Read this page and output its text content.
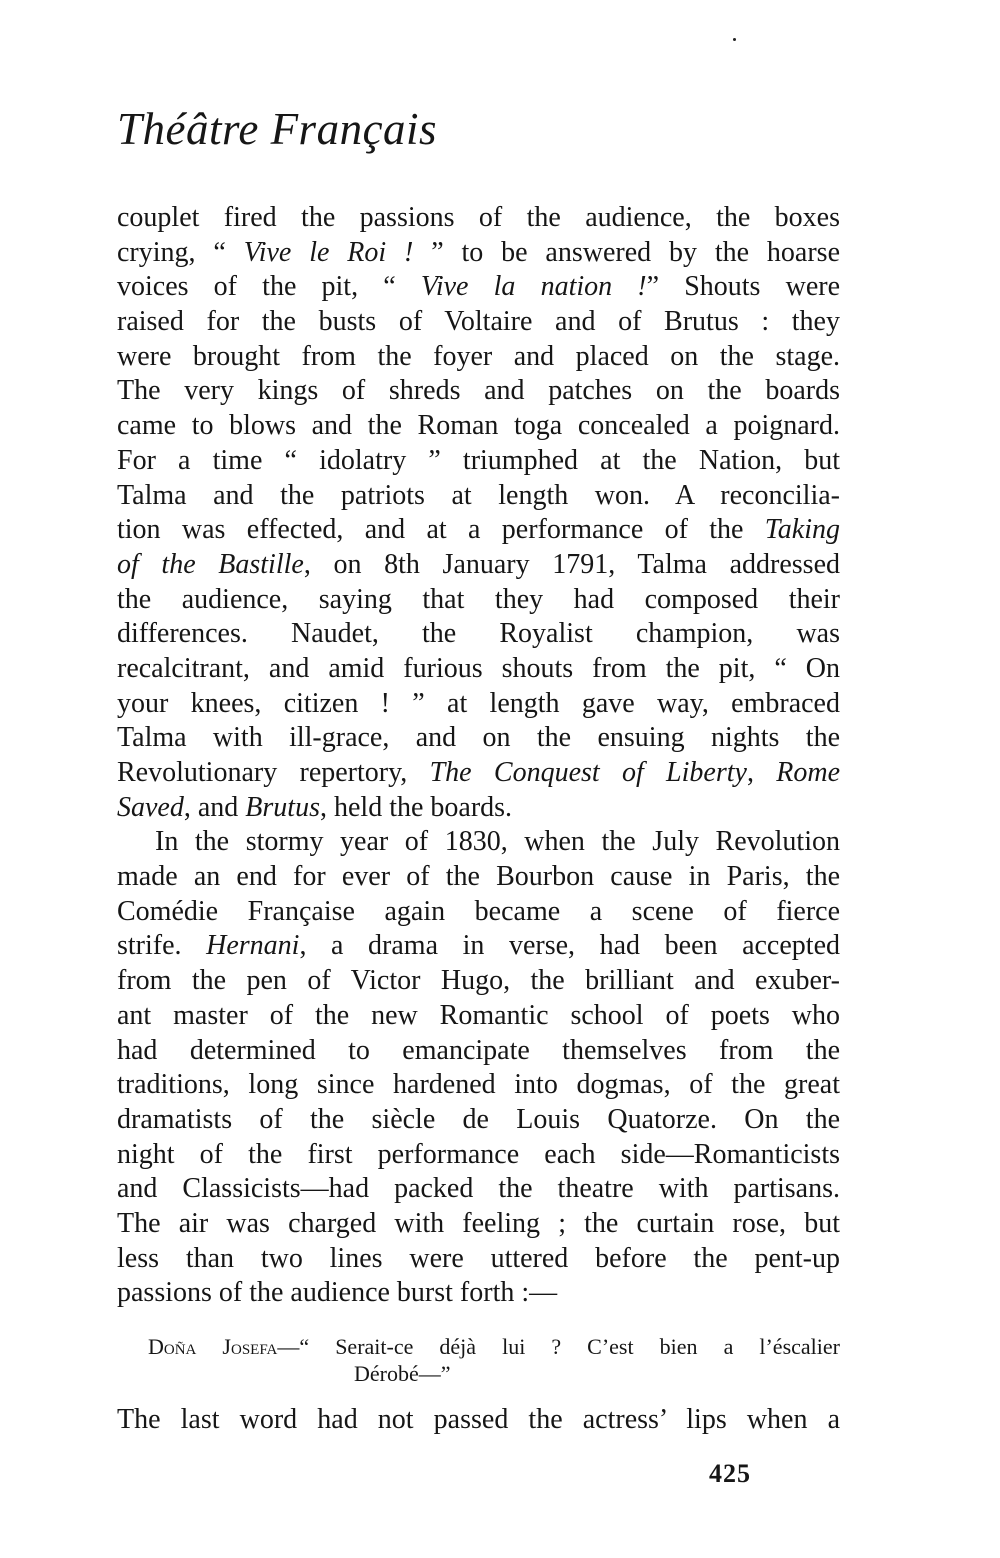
Théâtre Français
couplet fired the passions of the audience, the boxes
crying, “ Vive le Roi ! ” to be answered by the hoarse
voices of the pit, “ Vive la nation !” Shouts were
raised for the busts of Voltaire and of Brutus : they
were brought from the foyer and placed on the stage.
The very kings of shreds and patches on the boards
came to blows and the Roman toga concealed a poignard.
For a time “ idolatry ” triumphed at the Nation, but
Talma and the patriots at length won. A reconcilia-
tion was effected, and at a performance of the Taking
of the Bastille, on 8th January 1791, Talma addressed
the audience, saying that they had composed their
differences. Naudet, the Royalist champion, was
recalcitrant, and amid furious shouts from the pit, “ On
your knees, citizen ! ” at length gave way, embraced
Talma with ill-grace, and on the ensuing nights the
Revolutionary repertory, The Conquest of Liberty, Rome
Saved, and Brutus, held the boards.
In the stormy year of 1830, when the July Revolution
made an end for ever of the Bourbon cause in Paris, the
Comédie Française again became a scene of fierce
strife. Hernani, a drama in verse, had been accepted
from the pen of Victor Hugo, the brilliant and exuber-
ant master of the new Romantic school of poets who
had determined to emancipate themselves from the
traditions, long since hardened into dogmas, of the great
dramatists of the siècle de Louis Quatorze. On the
night of the first performance each side—Romanticists
and Classicists—had packed the theatre with partisans.
The air was charged with feeling ; the curtain rose, but
less than two lines were uttered before the pent-up
passions of the audience burst forth :—
Doña Josefa—“ Serait-ce déjà lui ? C’est bien a l’éscalier
Dérobé—”
The last word had not passed the actress’ lips when a
425
